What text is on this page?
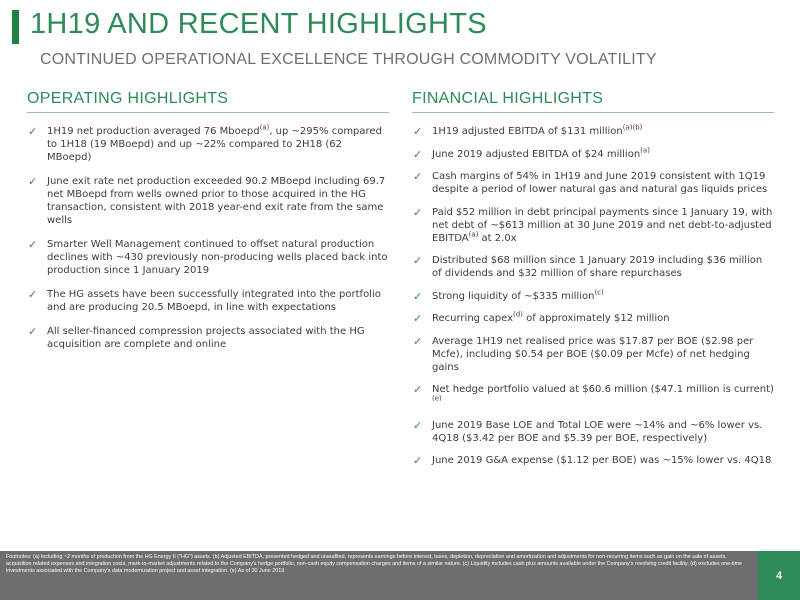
1H19 AND RECENT HIGHLIGHTS
CONTINUED OPERATIONAL EXCELLENCE THROUGH COMMODITY VOLATILITY
OPERATING HIGHLIGHTS
✓ 1H19 net production averaged 76 Mboepd$^{(a)}$, up ~295% compared to 1H18 (19 MBoepd) and up ~22% compared to 2H18 (62 MBoepd)
✓ June exit rate net production exceeded 90.2 MBoepd including 69.7 net MBoepd from wells owned prior to those acquired in the HG transaction, consistent with 2018 year-end exit rate from the same wells
✓ Smarter Well Management continued to offset natural production declines with ~430 previously non-producing wells placed back into production since 1 January 2019
✓ The HG assets have been successfully integrated into the portfolio and are producing 20.5 MBoepd, in line with expectations
✓ All seller-financed compression projects associated with the HG acquisition are complete and online
FINANCIAL HIGHLIGHTS
✓ 1H19 adjusted EBITDA of $131 million$^{(a)(b)}$
✓ June 2019 adjusted EBITDA of $24 million$^{(a)}$
✓ Cash margins of 54% in 1H19 and June 2019 consistent with 1Q19 despite a period of lower natural gas and natural gas liquids prices
✓ Paid $52 million in debt principal payments since 1 January 19, with net debt of ~$613 million at 30 June 2019 and net debt-to-adjusted EBITDA$^{(a)}$ at 2.0x
✓ Distributed $68 million since 1 January 2019 including $36 million of dividends and $32 million of share repurchases
✓ Strong liquidity of ~$335 million$^{(c)}$
✓ Recurring capex$^{(d)}$ of approximately $12 million
✓ Average 1H19 net realised price was $17.87 per BOE ($2.98 per Mcfe), including $0.54 per BOE ($0.09 per Mcfe) of net hedging gains
✓ Net hedge portfolio valued at $60.6 million ($47.1 million is current)$^{(e)}$
✓ June 2019 Base LOE and Total LOE were ~14% and ~6% lower vs. 4Q18 ($3.42 per BOE and $5.39 per BOE, respectively)
✓ June 2019 G&A expense ($1.12 per BOE) was ~15% lower vs. 4Q18
Footnotes: (a) including ~2 months of production from the HG Energy II ("HG") assets. (b) Adjusted EBITDA, presented hedged and unaudited, represents earnings before interest, taxes, depletion, depreciation and amortization and adjustments for non-recurring items such as gain on the sale of assets, acquisition related expenses and integration costs, mark-to-market adjustments related to the Company's hedge portfolio, non-cash equity compensation charges and items of a similar nature. (c) Liquidity includes cash plus amounts available under the Company's revolving credit facility. (d) excludes one-time investments associated with the Company's data modernization project and asset integration. (e) As of 30 June 2019	4
